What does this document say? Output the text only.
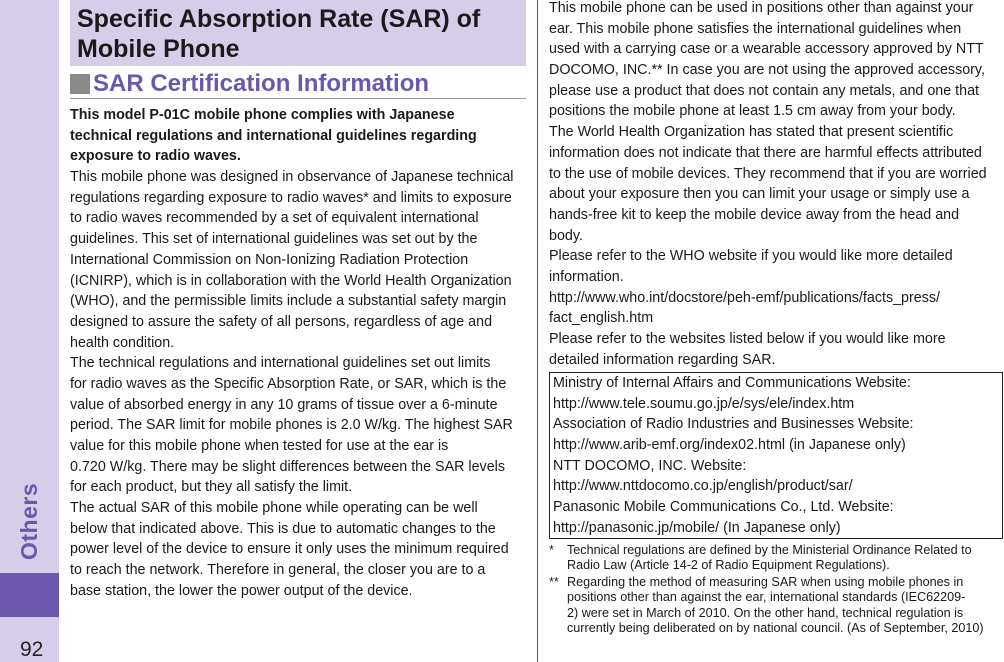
Others
92
Specific Absorption Rate (SAR) of
Mobile Phone
SAR Certification Information
This model P-01C mobile phone complies with Japanese
technical regulations and international guidelines regarding
exposure to radio waves.
This mobile phone was designed in observance of Japanese technical
regulations regarding exposure to radio waves* and limits to exposure
to radio waves recommended by a set of equivalent international
guidelines. This set of international guidelines was set out by the
International Commission on Non-Ionizing Radiation Protection
(ICNIRP), which is in collaboration with the World Health Organization
(WHO), and the permissible limits include a substantial safety margin
designed to assure the safety of all persons, regardless of age and
health condition.
The technical regulations and international guidelines set out limits
for radio waves as the Specific Absorption Rate, or SAR, which is the
value of absorbed energy in any 10 grams of tissue over a 6-minute
period. The SAR limit for mobile phones is 2.0 W/kg. The highest SAR
value for this mobile phone when tested for use at the ear is
0.720 W/kg. There may be slight differences between the SAR levels
for each product, but they all satisfy the limit.
The actual SAR of this mobile phone while operating can be well
below that indicated above. This is due to automatic changes to the
power level of the device to ensure it only uses the minimum required
to reach the network. Therefore in general, the closer you are to a
base station, the lower the power output of the device.
This mobile phone can be used in positions other than against your
ear. This mobile phone satisfies the international guidelines when
used with a carrying case or a wearable accessory approved by NTT
DOCOMO, INC.** In case you are not using the approved accessory,
please use a product that does not contain any metals, and one that
positions the mobile phone at least 1.5 cm away from your body.
The World Health Organization has stated that present scientific
information does not indicate that there are harmful effects attributed
to the use of mobile devices. They recommend that if you are worried
about your exposure then you can limit your usage or simply use a
hands-free kit to keep the mobile device away from the head and
body.
Please refer to the WHO website if you would like more detailed
information.
http://www.who.int/docstore/peh-emf/publications/facts_press/
fact_english.htm
Please refer to the websites listed below if you would like more
detailed information regarding SAR.
Ministry of Internal Affairs and Communications Website:
http://www.tele.soumu.go.jp/e/sys/ele/index.htm
Association of Radio Industries and Businesses Website:
http://www.arib-emf.org/index02.html (in Japanese only)
NTT DOCOMO, INC. Website:
http://www.nttdocomo.co.jp/english/product/sar/
Panasonic Mobile Communications Co., Ltd. Website:
http://panasonic.jp/mobile/ (In Japanese only)
*	Technical regulations are defined by the Ministerial Ordinance Related to
Radio Law (Article 14-2 of Radio Equipment Regulations).
** Regarding the method of measuring SAR when using mobile phones in
positions other than against the ear, international standards (IEC62209-
2) were set in March of 2010. On the other hand, technical regulation is
currently being deliberated on by national council. (As of September, 2010)
